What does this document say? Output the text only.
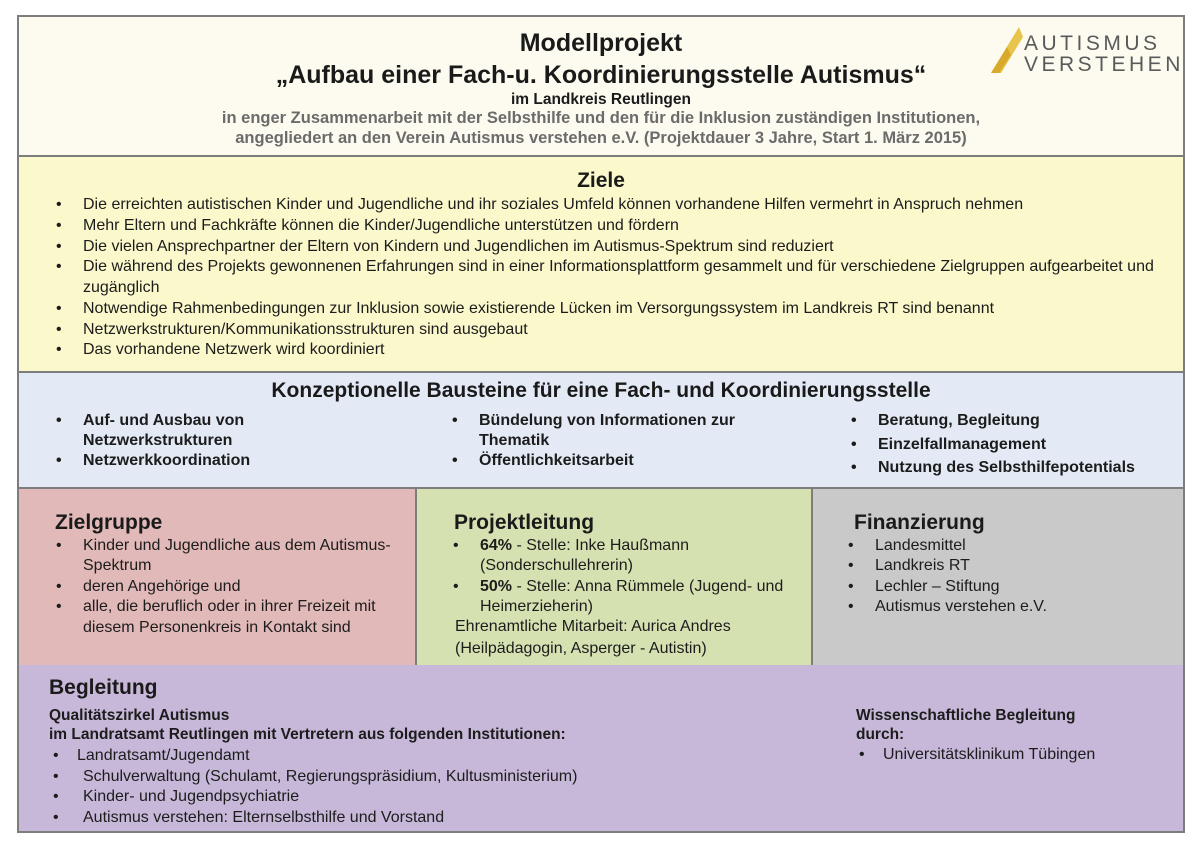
Modellprojekt
„Aufbau einer Fach-u. Koordinierungsstelle Autismus“
im Landkreis Reutlingen
in enger Zusammenarbeit mit der Selbsthilfe und den für die Inklusion zuständigen Institutionen,
angegliedert an den Verein Autismus verstehen e.V. (Projektdauer 3 Jahre, Start 1. März 2015)
AUTISMUS
VERSTEHEN
Ziele
• Die erreichten autistischen Kinder und Jugendliche und ihr soziales Umfeld können vorhandene Hilfen vermehrt in Anspruch nehmen
• Mehr Eltern und Fachkräfte können die Kinder/Jugendliche unterstützen und fördern
• Die vielen Ansprechpartner der Eltern von Kindern und Jugendlichen im Autismus-Spektrum sind reduziert
• Die während des Projekts gewonnenen Erfahrungen sind in einer Informationsplattform gesammelt und für verschiedene Zielgruppen aufgearbeitet und zugänglich
• Notwendige Rahmenbedingungen zur Inklusion sowie existierende Lücken im Versorgungssystem im Landkreis RT sind benannt
• Netzwerkstrukturen/Kommunikationsstrukturen sind ausgebaut
• Das vorhandene Netzwerk wird koordiniert
Konzeptionelle Bausteine für eine Fach- und Koordinierungsstelle
• Auf- und Ausbau von Netzwerkstrukturen
• Netzwerkkoordination
• Bündelung von Informationen zur Thematik
• Öffentlichkeitsarbeit
• Beratung, Begleitung
• Einzelfallmanagement
• Nutzung des Selbsthilfepotentials
Zielgruppe
• Kinder und Jugendliche aus dem Autismus-Spektrum
• deren Angehörige und
• alle, die beruflich oder in ihrer Freizeit mit diesem Personenkreis in Kontakt sind
Projektleitung
• 64% - Stelle: Inke Haußmann (Sonderschullehrerin)
• 50% - Stelle: Anna Rümmele (Jugend- und Heimerzieherin)
Ehrenamtliche Mitarbeit: Aurica Andres
(Heilpädagogin, Asperger - Autistin)
Finanzierung
• Landesmittel
• Landkreis RT
• Lechler – Stiftung
• Autismus verstehen e.V.
Begleitung
Qualitätszirkel Autismus
im Landratsamt Reutlingen mit Vertretern aus folgenden Institutionen:
• Landratsamt/Jugendamt
• Schulverwaltung (Schulamt, Regierungspräsidium, Kultusministerium)
• Kinder- und Jugendpsychiatrie
• Autismus verstehen: Elternselbsthilfe und Vorstand
Wissenschaftliche Begleitung
durch:
• Universitätsklinikum Tübingen
